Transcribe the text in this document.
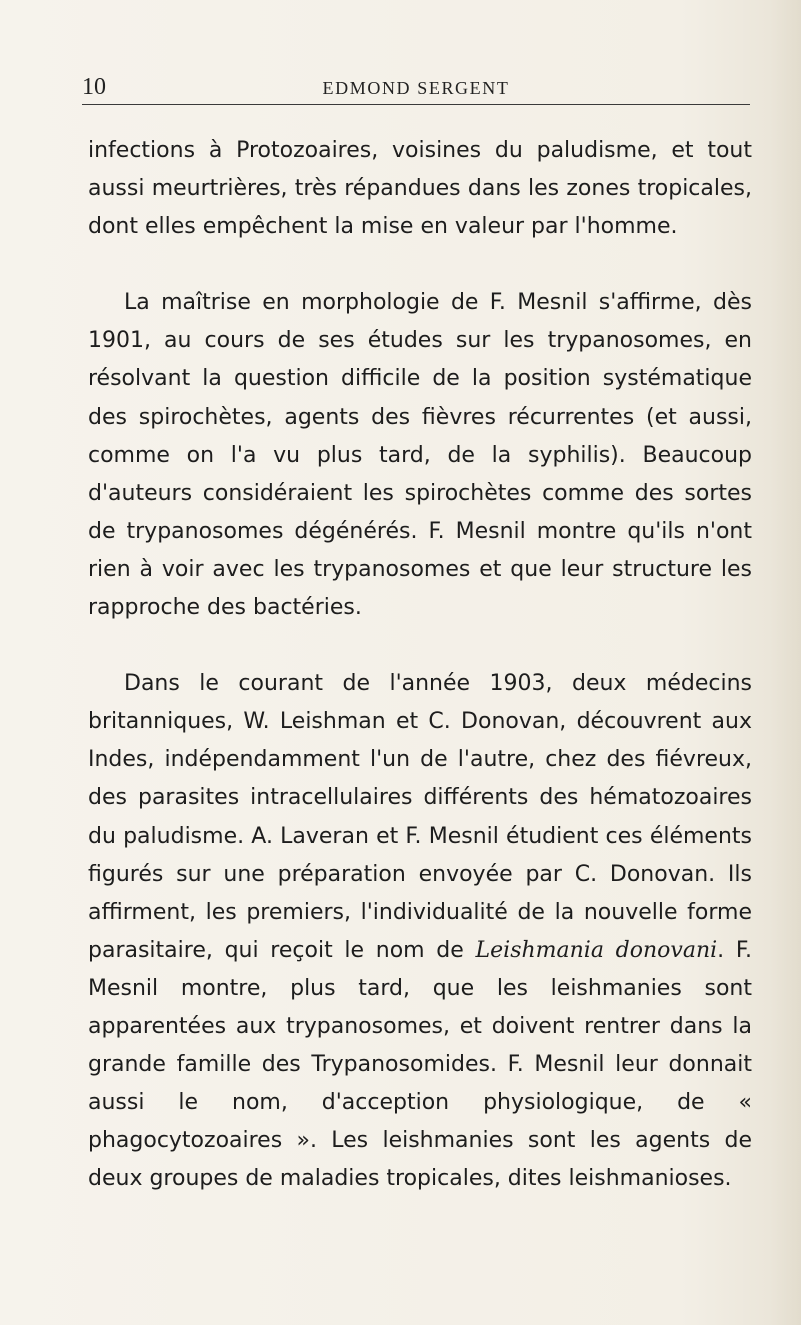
10	EDMOND SERGENT

infections à Protozoaires, voisines du paludisme, et tout aussi meurtrières, très répandues dans les zones tropicales, dont elles empêchent la mise en valeur par l'homme.

La maîtrise en morphologie de F. Mesnil s'affirme, dès 1901, au cours de ses études sur les trypanosomes, en résolvant la question difficile de la position systématique des spirochètes, agents des fièvres récurrentes (et aussi, comme on l'a vu plus tard, de la syphilis). Beaucoup d'auteurs considéraient les spirochètes comme des sortes de trypanosomes dégénérés. F. Mesnil montre qu'ils n'ont rien à voir avec les trypanosomes et que leur structure les rapproche des bactéries.

Dans le courant de l'année 1903, deux médecins britanniques, W. Leishman et C. Donovan, découvrent aux Indes, indépendamment l'un de l'autre, chez des fiévreux, des parasites intracellulaires différents des hématozoaires du paludisme. A. Laveran et F. Mesnil étudient ces éléments figurés sur une préparation envoyée par C. Donovan. Ils affirment, les premiers, l'individualité de la nouvelle forme parasitaire, qui reçoit le nom de Leishmania donovani. F. Mesnil montre, plus tard, que les leishmanies sont apparentées aux trypanosomes, et doivent rentrer dans la grande famille des Trypanosomides. F. Mesnil leur donnait aussi le nom, d'acception physiologique, de « phagocytozoaires ». Les leishmanies sont les agents de deux groupes de maladies tropicales, dites leishmanioses.
